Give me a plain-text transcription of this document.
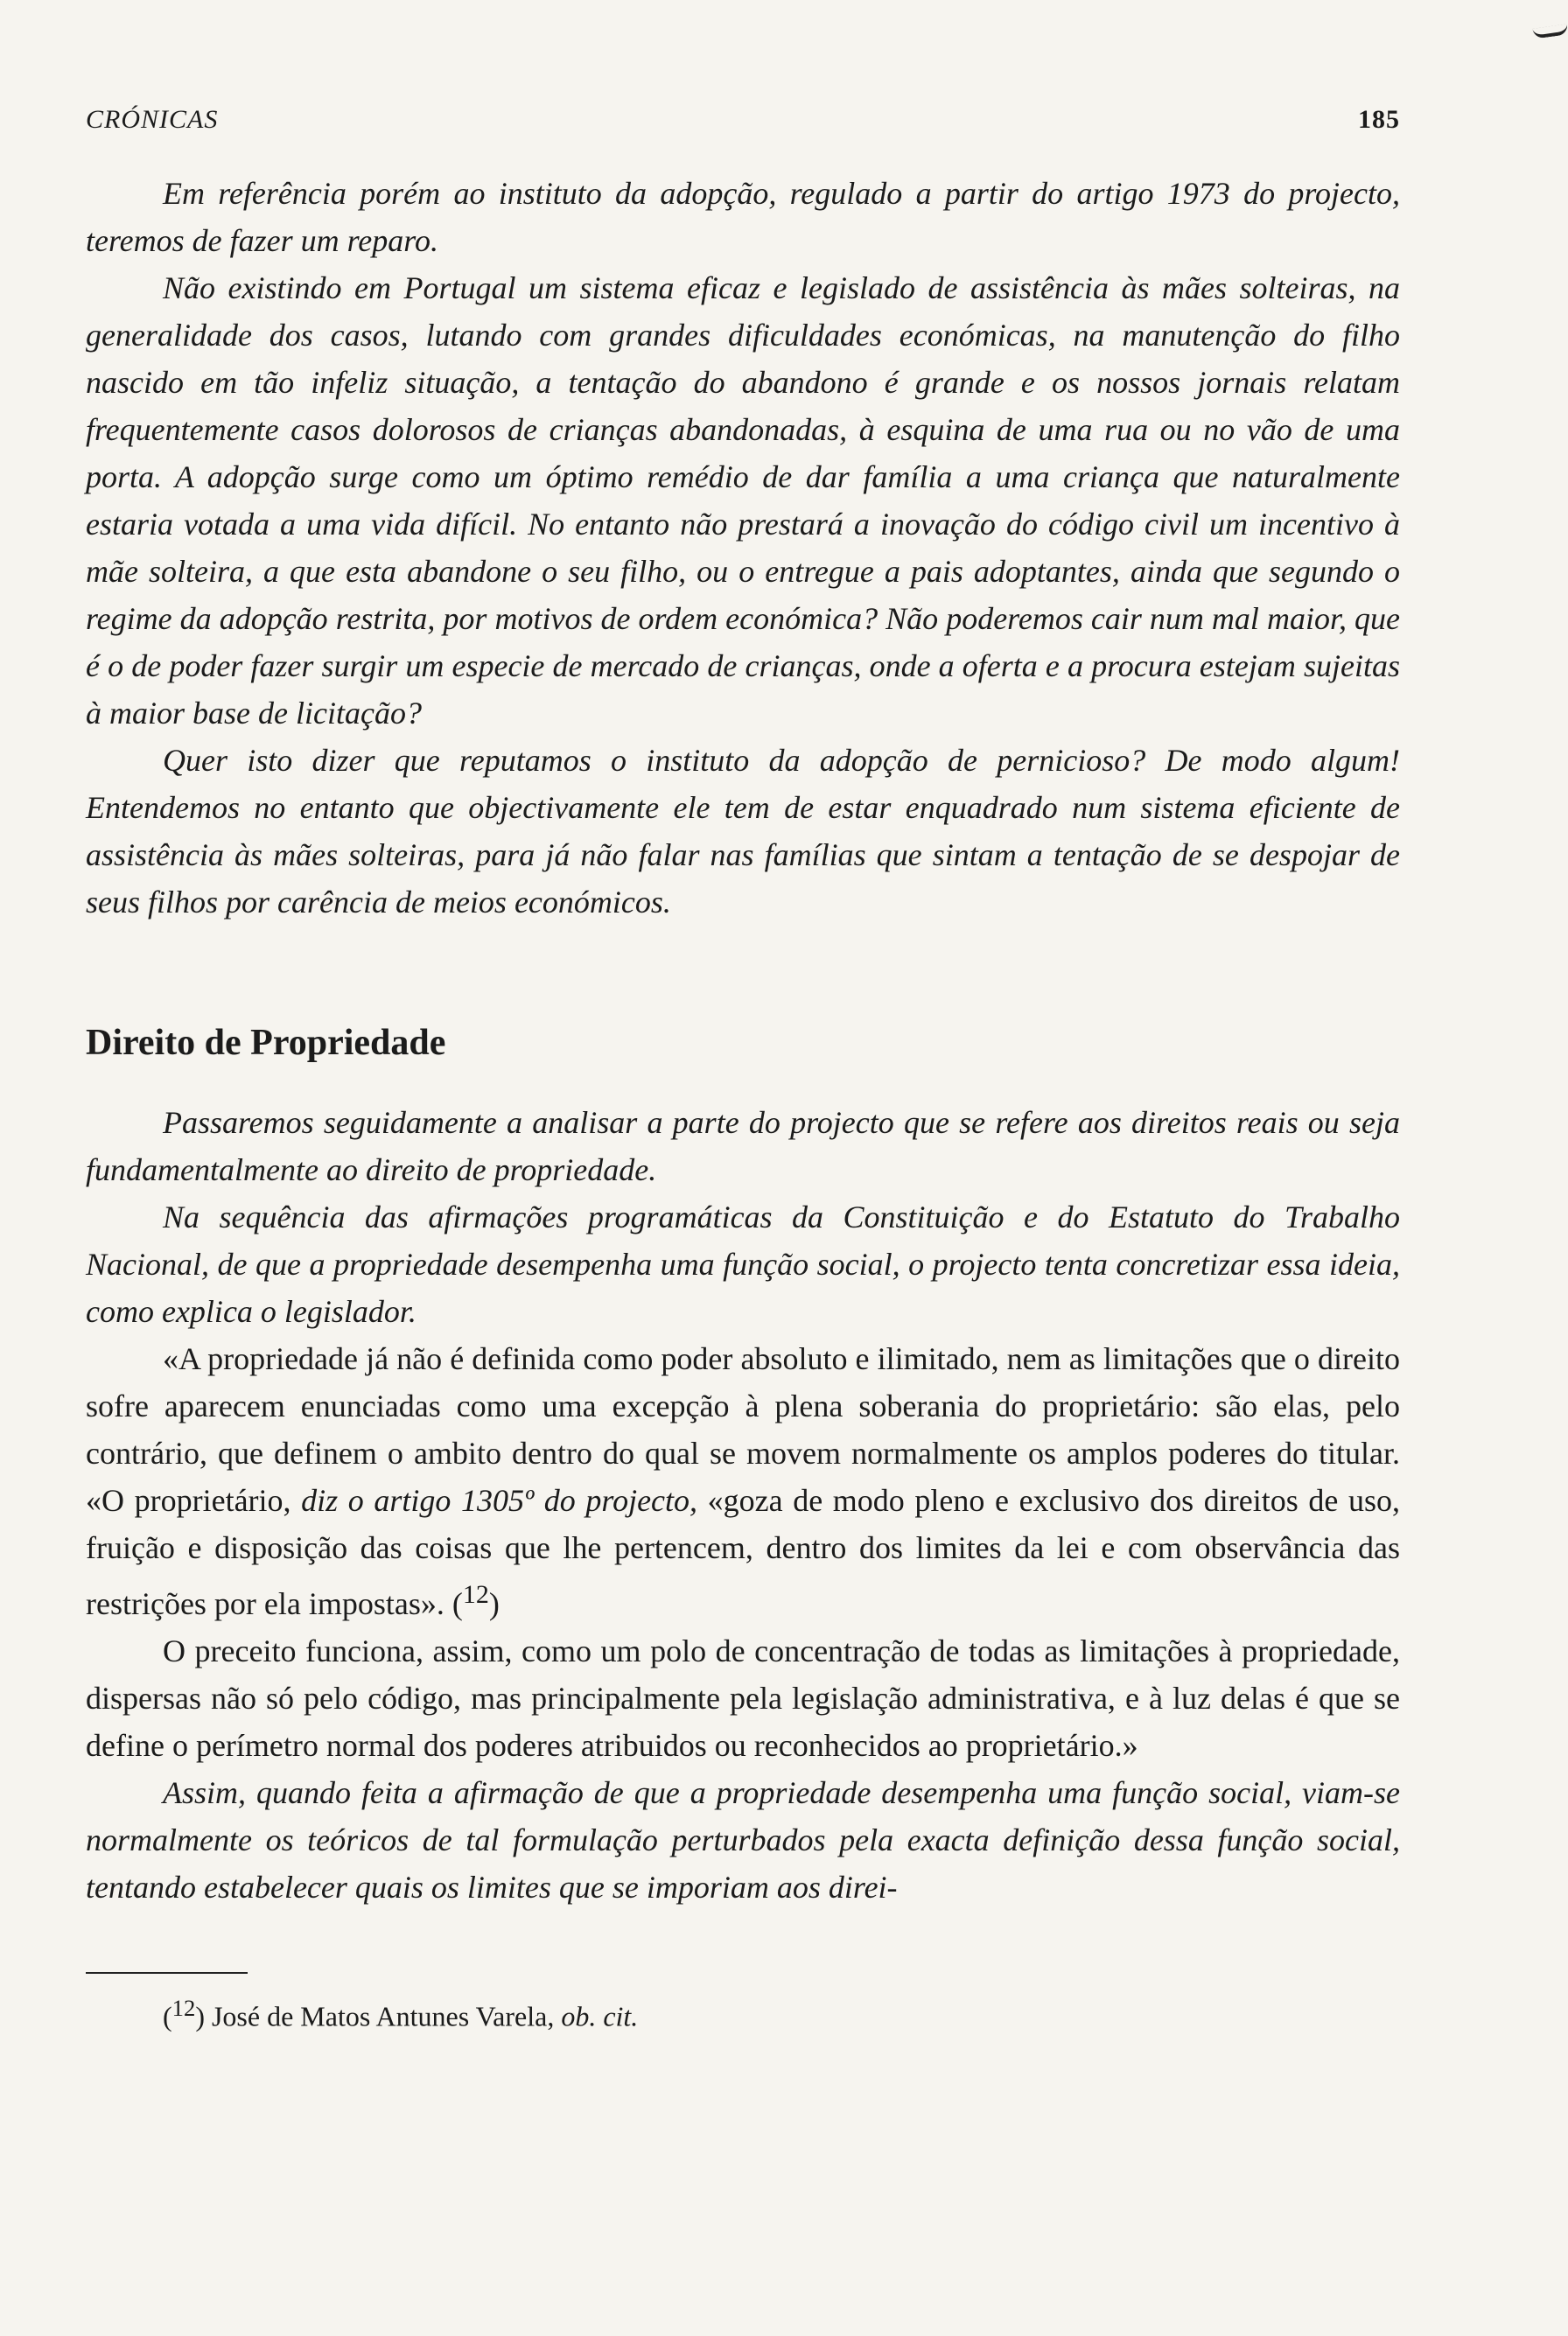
CRÓNICAS	185

Em referência porém ao instituto da adopção, regulado a partir do artigo 1973 do projecto, teremos de fazer um reparo.

Não existindo em Portugal um sistema eficaz e legislado de assistência às mães solteiras, na generalidade dos casos, lutando com grandes dificuldades económicas, na manutenção do filho nascido em tão infeliz situação, a tentação do abandono é grande e os nossos jornais relatam frequentemente casos dolorosos de crianças abandonadas, à esquina de uma rua ou no vão de uma porta. A adopção surge como um óptimo remédio de dar família a uma criança que naturalmente estaria votada a uma vida difícil. No entanto não prestará a inovação do código civil um incentivo à mãe solteira, a que esta abandone o seu filho, ou o entregue a pais adoptantes, ainda que segundo o regime da adopção restrita, por motivos de ordem económica? Não poderemos cair num mal maior, que é o de poder fazer surgir um especie de mercado de crianças, onde a oferta e a procura estejam sujeitas à maior base de licitação?

Quer isto dizer que reputamos o instituto da adopção de pernicioso? De modo algum! Entendemos no entanto que objectivamente ele tem de estar enquadrado num sistema eficiente de assistência às mães solteiras, para já não falar nas famílias que sintam a tentação de se despojar de seus filhos por carência de meios económicos.

Direito de Propriedade

Passaremos seguidamente a analisar a parte do projecto que se refere aos direitos reais ou seja fundamentalmente ao direito de propriedade.

Na sequência das afirmações programáticas da Constituição e do Estatuto do Trabalho Nacional, de que a propriedade desempenha uma função social, o projecto tenta concretizar essa ideia, como explica o legislador.

«A propriedade já não é definida como poder absoluto e ilimitado, nem as limitações que o direito sofre aparecem enunciadas como uma excepção à plena soberania do proprietário: são elas, pelo contrário, que definem o ambito dentro do qual se movem normalmente os amplos poderes do titular. «O proprietário, diz o artigo 1305º do projecto, «goza de modo pleno e exclusivo dos direitos de uso, fruição e disposição das coisas que lhe pertencem, dentro dos limites da lei e com observância das restrições por ela impostas». ($^{12}$)

O preceito funciona, assim, como um polo de concentração de todas as limitações à propriedade, dispersas não só pelo código, mas principalmente pela legislação administrativa, e à luz delas é que se define o perímetro normal dos poderes atribuidos ou reconhecidos ao proprietário.»

Assim, quando feita a afirmação de que a propriedade desempenha uma função social, viam-se normalmente os teóricos de tal formulação perturbados pela exacta definição dessa função social, tentando estabelecer quais os limites que se imporiam aos direi-

($^{12}$) José de Matos Antunes Varela, ob. cit.
